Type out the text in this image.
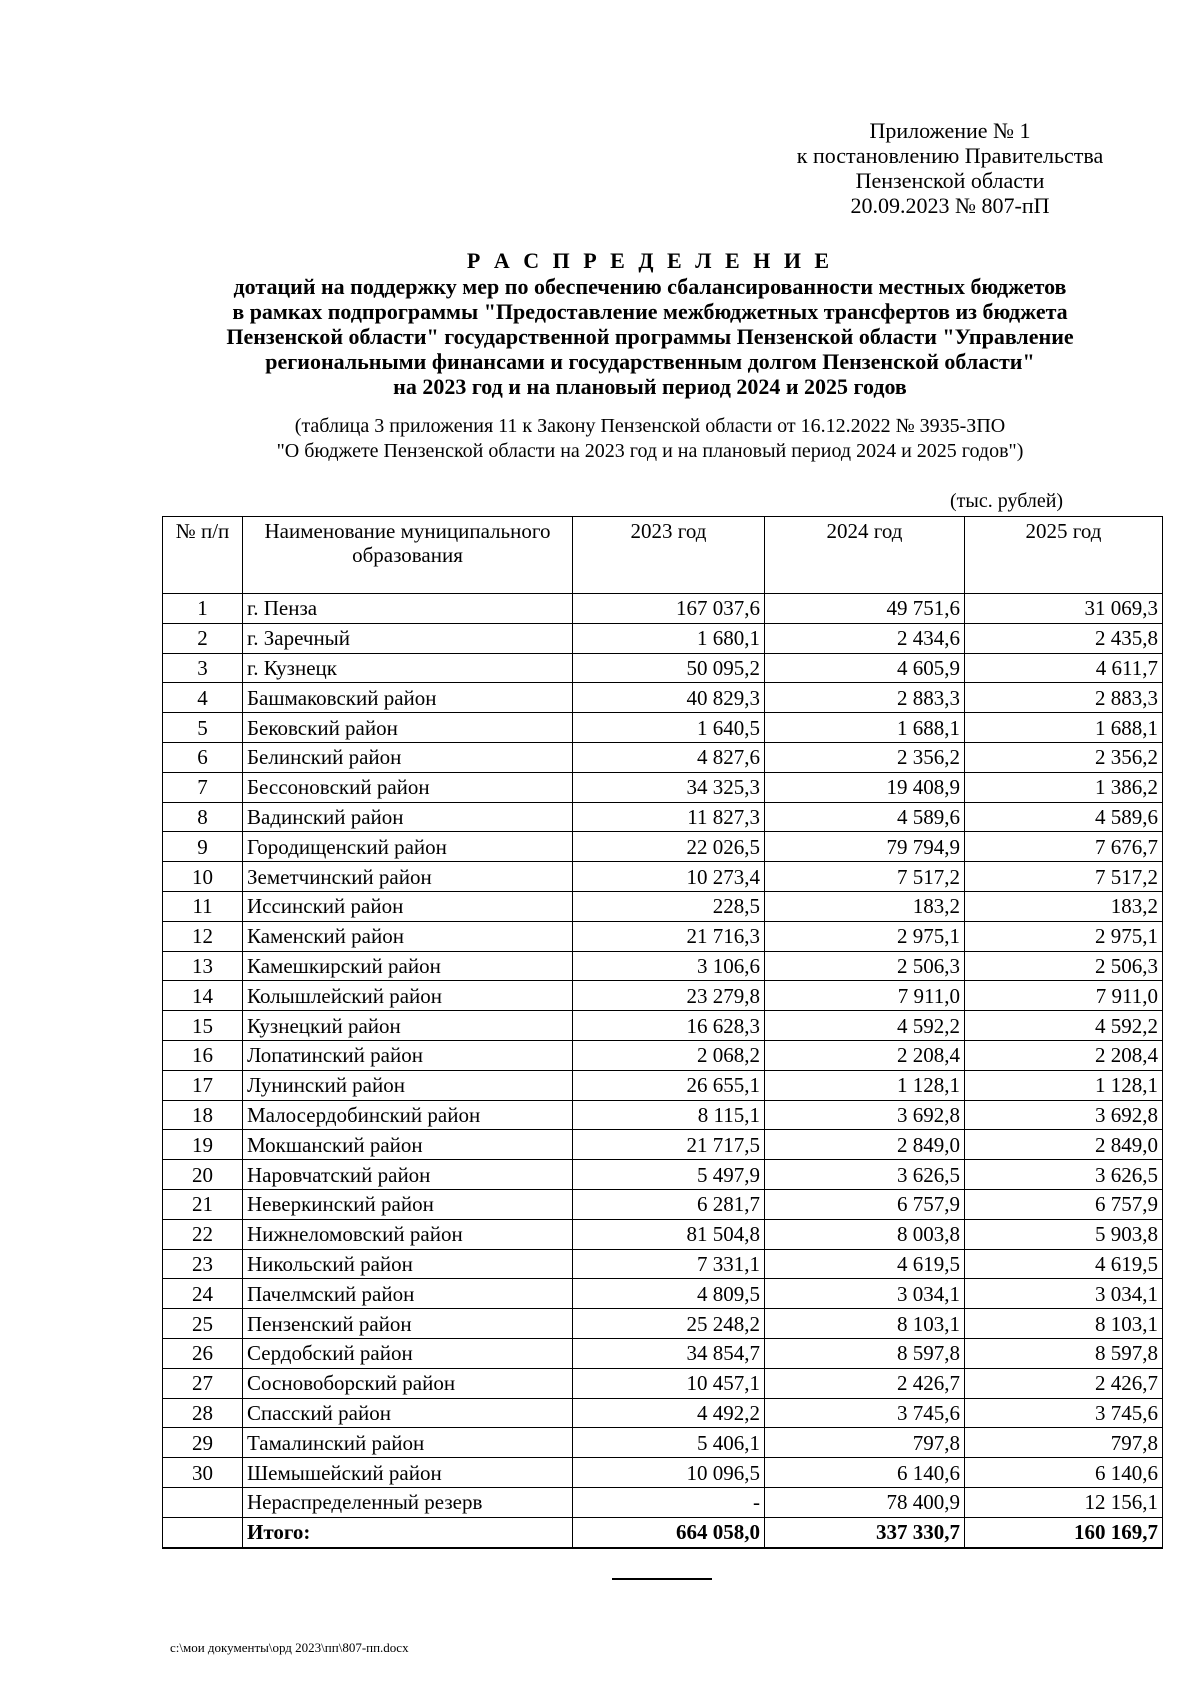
Приложение № 1
к постановлению Правительства
Пензенской области
20.09.2023 № 807-пП
Р А С П Р Е Д Е Л Е Н И Е
дотаций на поддержку мер по обеспечению сбалансированности местных бюджетов
в рамках подпрограммы "Предоставление межбюджетных трансфертов из бюджета
Пензенской области" государственной программы Пензенской области "Управление
региональными финансами и государственным долгом Пензенской области"
на 2023 год и на плановый период 2024 и 2025 годов
(таблица 3 приложения 11 к Закону Пензенской области от 16.12.2022 № 3935-ЗПО
"О бюджете Пензенской области на 2023 год и на плановый период 2024 и 2025 годов")
(тыс. рублей)
№ п/п	Наименование муниципального образования	2023 год	2024 год	2025 год
1	г. Пенза	167 037,6	49 751,6	31 069,3
2	г. Заречный	1 680,1	2 434,6	2 435,8
3	г. Кузнецк	50 095,2	4 605,9	4 611,7
4	Башмаковский район	40 829,3	2 883,3	2 883,3
5	Бековский район	1 640,5	1 688,1	1 688,1
6	Белинский район	4 827,6	2 356,2	2 356,2
7	Бессоновский район	34 325,3	19 408,9	1 386,2
8	Вадинский район	11 827,3	4 589,6	4 589,6
9	Городищенский район	22 026,5	79 794,9	7 676,7
10	Земетчинский район	10 273,4	7 517,2	7 517,2
11	Иссинский район	228,5	183,2	183,2
12	Каменский район	21 716,3	2 975,1	2 975,1
13	Камешкирский район	3 106,6	2 506,3	2 506,3
14	Колышлейский район	23 279,8	7 911,0	7 911,0
15	Кузнецкий район	16 628,3	4 592,2	4 592,2
16	Лопатинский район	2 068,2	2 208,4	2 208,4
17	Лунинский район	26 655,1	1 128,1	1 128,1
18	Малосердобинский район	8 115,1	3 692,8	3 692,8
19	Мокшанский район	21 717,5	2 849,0	2 849,0
20	Наровчатский район	5 497,9	3 626,5	3 626,5
21	Неверкинский район	6 281,7	6 757,9	6 757,9
22	Нижнеломовский район	81 504,8	8 003,8	5 903,8
23	Никольский район	7 331,1	4 619,5	4 619,5
24	Пачелмский район	4 809,5	3 034,1	3 034,1
25	Пензенский район	25 248,2	8 103,1	8 103,1
26	Сердобский район	34 854,7	8 597,8	8 597,8
27	Сосновоборский район	10 457,1	2 426,7	2 426,7
28	Спасский район	4 492,2	3 745,6	3 745,6
29	Тамалинский район	5 406,1	797,8	797,8
30	Шемышейский район	10 096,5	6 140,6	6 140,6
	Нераспределенный резерв	-	78 400,9	12 156,1
	Итого:	664 058,0	337 330,7	160 169,7
c:\мои документы\орд 2023\пп\807-пп.docx
